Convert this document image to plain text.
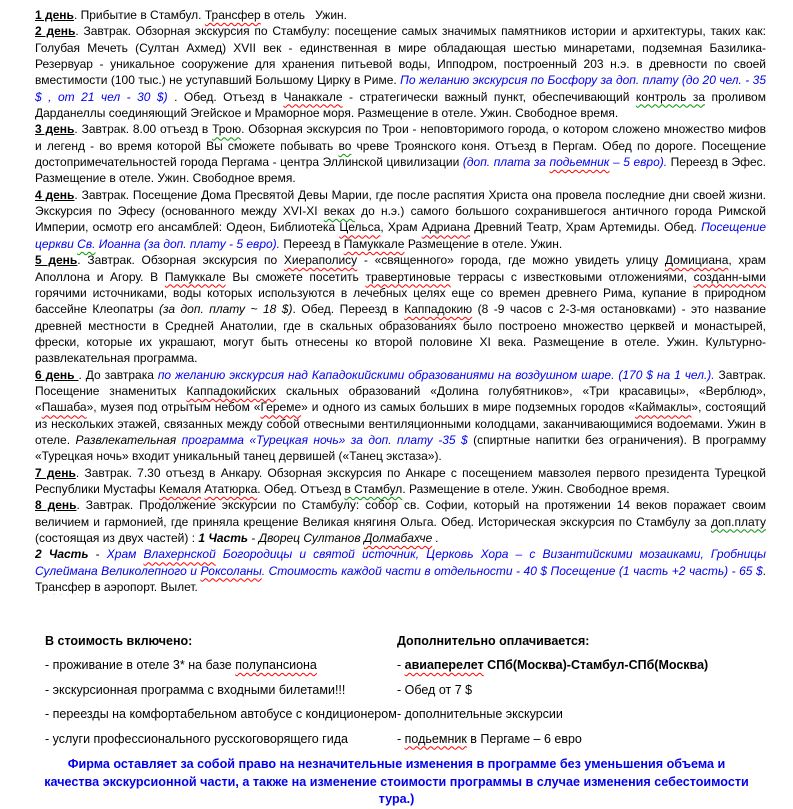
1 день. Прибытие в Стамбул. Трансфер в отель   Ужин.

2 день. Завтрак. Обзорная экскурсия по Стамбулу: посещение самых значимых памятников истории и архитектуры, таких как: Голубая Мечеть (Султан Ахмед) XVII век - единственная в мире обладающая шестью минаретами, подземная Базилика-Резервуар - уникальное сооружение для хранения питьевой воды, Ипподром, построенный 203 н.э. в древности по своей вместимости (100 тыс.) не уступавший Большому Цирку в Риме. По желанию экскурсия по Босфору за доп. плату (до 20 чел. - 35 $ , от 21 чел - 30 $) . Обед. Отъезд в Чанаккале - стратегически важный пункт, обеспечивающий контроль за проливом Дарданеллы соединяющий Эгейское и Мраморное моря. Размещение в отеле. Ужин. Свободное время.

3 день. Завтрак. 8.00 отъезд в Трою. Обзорная экскурсия по Трои - неповторимого города, о котором сложено множество мифов и легенд - во время которой Вы сможете побывать во чреве Троянского коня. Отъезд в Пергам. Обед по дороге. Посещение достопримечательностей города Пергама - центра Эллинской цивилизации (доп. плата за подьемник – 5 евро). Переезд в Эфес. Размещение в отеле. Ужин. Свободное время.

4 день. Завтрак. Посещение Дома Пресвятой Девы Марии, где после распятия Христа она провела последние дни своей жизни. Экскурсия по Эфесу (основанного между XVI-XI веках до н.э.) самого большого сохранившегося античного города Римской Империи, осмотр его ансамблей: Одеон, Библиотека Цельса, Храм Адриана Древний Театр, Храм Артемиды. Обед. Посещение церкви Св. Иоанна (за доп. плату - 5 евро). Переезд в Памуккале Размещение в отеле. Ужин.

5 день. Завтрак. Обзорная экскурсия по Хиераполису - «священного» города, где можно увидеть улицу Домициана, храм Аполлона и Агору. В Памуккале Вы сможете посетить травертиновые террасы с известковыми отложениями, созданн-ыми горячими источниками, воды которых используются в лечебных целях еще со времен древнего Рима, купание в природном бассейне Клеопатры (за доп. плату ~ 18 $). Обед. Переезд в Каппадокию (8 -9 часов с 2-3-мя остановками) - это название древней местности в Средней Анатолии, где в скальных образованиях было построено множество церквей и монастырей, фрески, которые их украшают, могут быть отнесены ко второй половине XI века. Размещение в отеле. Ужин. Культурно-развлекательная программа.

6 день . До завтрака по желанию экскурсия над Кападокийскими образованиями на воздушном шаре. (170 $ на 1 чел.). Завтрак. Посещение знаменитых Каппадокийских скальных образований «Долина голубятников», «Три красавицы», «Верблюд», «Пашаба», музея под отрытым небом «Гереме» и одного из самых больших в мире подземных городов «Каймаклы», состоящий из нескольких этажей, связанных между собой отвесными вентиляционными колодцами, заканчивающимися водоемами. Ужин в отеле. Развлекательная программа «Турецкая ночь» за доп. плату -35 $ (спиртные напитки без ограничения). В программу «Турецкая ночь» входит уникальный танец дервишей («Танец экстаза»).

7 день. Завтрак. 7.30 отъезд в Анкару. Обзорная экскурсия по Анкаре с посещением мавзолея первого президента Турецкой Республики Мустафы Кемаля Ататюрка. Обед. Отъезд в Стамбул. Размещение в отеле. Ужин. Свободное время.

8 день. Завтрак. Продолжение экскурсии по Стамбулу: собор св. Софии, который на протяжении 14 веков поражает своим величием и гармонией, где приняла крещение Великая княгиня Ольга. Обед. Историческая экскурсия по Стамбулу за доп.плату (состоящая из двух частей) : 1 Часть - Дворец Султанов Долмабахче .

2 Часть - Храм Влахернской Богородицы и святой источник, Церковь Хора – с Византийскими мозаиками, Гробницы Сулеймана Великолепного и Роксоланы. Стоимость каждой части в отдельности - 40 $ Посещение (1 часть +2 часть) - 65 $. Трансфер в аэропорт. Вылет.

В стоимость включено:

- проживание в отеле 3* на базе полупансиона

- экскурсионная программа с входными билетами!!!

- переезды на комфортабельном автобусе с кондиционером

- услуги профессионального русскоговорящего гида

Дополнительно оплачивается:

- авиаперелет СПб(Москва)-Стамбул-СПб(Москва)

- Обед от 7 $

- дополнительные экскурсии

- подьемник в Пергаме – 6 евро

Фирма оставляет за собой право на незначительные изменения в программе без уменьшения объема и качества экскурсионной части, а также на изменение стоимости программы в случае изменения себестоимости тура.)
